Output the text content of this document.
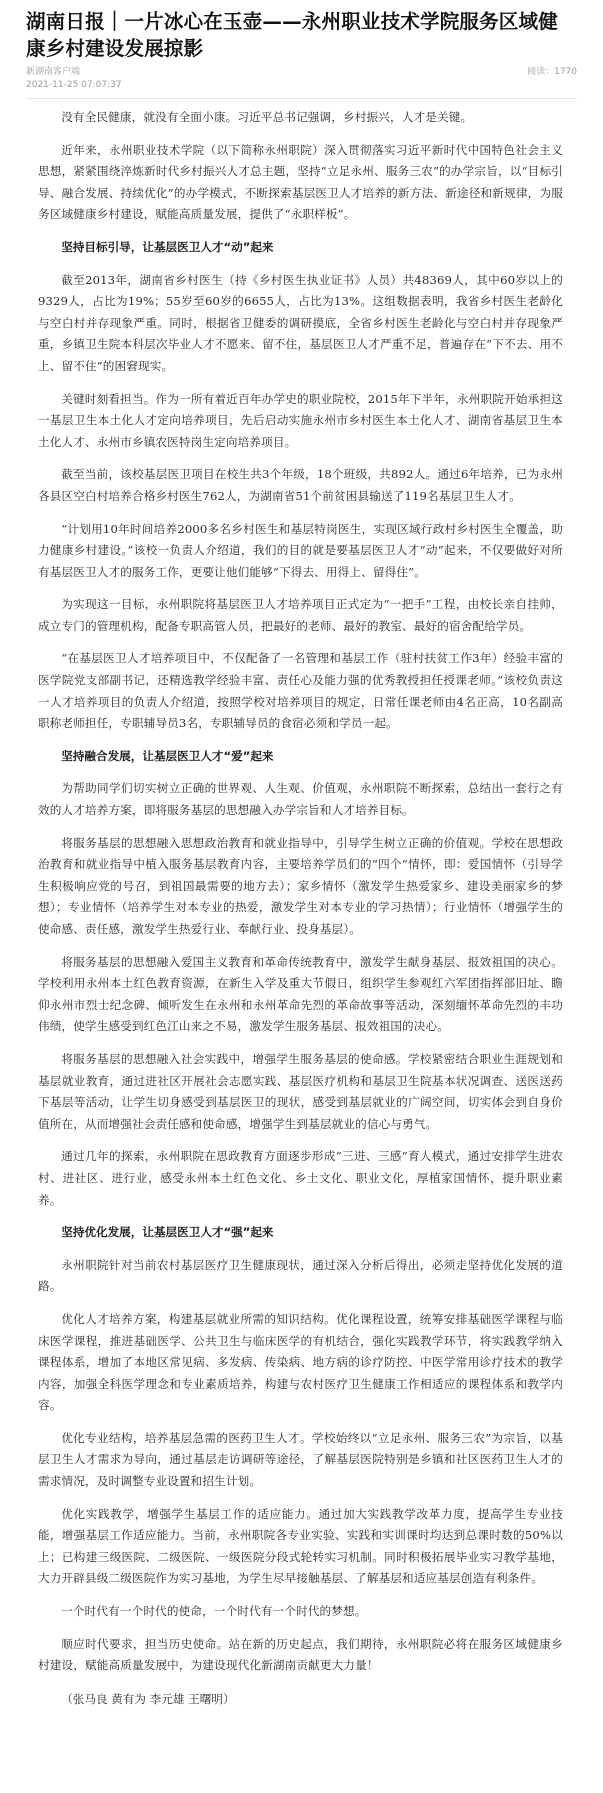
湖南日报｜一片冰心在玉壶——永州职业技术学院服务区域健康乡村建设发展掠影
新湖南客户端	阅读：1770
2021-11-25 07:07:37

没有全民健康，就没有全面小康。习近平总书记强调，乡村振兴，人才是关键。

近年来，永州职业技术学院（以下简称永州职院）深入贯彻落实习近平新时代中国特色社会主义思想，紧紧围绕淬炼新时代乡村振兴人才总主题，坚持“立足永州、服务三农”的办学宗旨，以“目标引导、融合发展、持续优化”的办学模式，不断探索基层医卫人才培养的新方法、新途径和新规律，为服务区域健康乡村建设，赋能高质量发展，提供了“永职样板”。

坚持目标引导，让基层医卫人才“动”起来

截至2013年，湖南省乡村医生（持《乡村医生执业证书》人员）共48369人，其中60岁以上的9329人，占比为19%；55岁至60岁的6655人，占比为13%。这组数据表明，我省乡村医生老龄化与空白村并存现象严重。同时，根据省卫健委的调研摸底，全省乡村医生老龄化与空白村并存现象严重，乡镇卫生院本科层次毕业人才不愿来、留不住，基层医卫人才严重不足，普遍存在“下不去、用不上、留不住”的困窘现实。

关键时刻看担当。作为一所有着近百年办学史的职业院校，2015年下半年，永州职院开始承担这一基层卫生本土化人才定向培养项目，先后启动实施永州市乡村医生本土化人才、湖南省基层卫生本土化人才、永州市乡镇农医特岗生定向培养项目。

截至当前，该校基层医卫项目在校生共3个年级，18个班级，共892人。通过6年培养，已为永州各县区空白村培养合格乡村医生762人，为湖南省51个前贫困县输送了119名基层卫生人才。

“计划用10年时间培养2000多名乡村医生和基层特岗医生，实现区域行政村乡村医生全覆盖，助力健康乡村建设。”该校一负责人介绍道，我们的目的就是要基层医卫人才“动”起来，不仅要做好对所有基层医卫人才的服务工作，更要让他们能够“下得去、用得上、留得住”。

为实现这一目标，永州职院将基层医卫人才培养项目正式定为“一把手”工程，由校长亲自挂帅，成立专门的管理机构，配备专职高管人员，把最好的老师、最好的教室、最好的宿舍配给学员。

“在基层医卫人才培养项目中，不仅配备了一名管理和基层工作（驻村扶贫工作3年）经验丰富的医学院党支部副书记，还精选教学经验丰富、责任心及能力强的优秀教授担任授课老师。”该校负责这一人才培养项目的负责人介绍道，按照学校对培养项目的规定，日常任课老师由4名正高，10名副高职称老师担任，专职辅导员3名，专职辅导员的食宿必须和学员一起。

坚持融合发展，让基层医卫人才“爱”起来

为帮助同学们切实树立正确的世界观、人生观、价值观，永州职院不断探索，总结出一套行之有效的人才培养方案，即将服务基层的思想融入办学宗旨和人才培养目标。

将服务基层的思想融入思想政治教育和就业指导中，引导学生树立正确的价值观。学校在思想政治教育和就业指导中植入服务基层教育内容，主要培养学员们的“四个”情怀，即：爱国情怀（引导学生积极响应党的号召，到祖国最需要的地方去）；家乡情怀（激发学生热爱家乡、建设美丽家乡的梦想）；专业情怀（培养学生对本专业的热爱，激发学生对本专业的学习热情）；行业情怀（增强学生的使命感、责任感，激发学生热爱行业、奉献行业、投身基层）。

将服务基层的思想融入爱国主义教育和革命传统教育中，激发学生献身基层、报效祖国的决心。学校利用永州本土红色教育资源，在新生入学及重大节假日，组织学生参观红六军团指挥部旧址、瞻仰永州市烈士纪念碑、倾听发生在永州和永州革命先烈的革命故事等活动，深刻缅怀革命先烈的丰功伟绩，使学生感受到红色江山来之不易，激发学生服务基层、报效祖国的决心。

将服务基层的思想融入社会实践中，增强学生服务基层的使命感。学校紧密结合职业生涯规划和基层就业教育，通过进社区开展社会志愿实践、基层医疗机构和基层卫生院基本状况调查、送医送药下基层等活动，让学生切身感受到基层医卫的现状，感受到基层就业的广阔空间，切实体会到自身价值所在，从而增强社会责任感和使命感，增强学生到基层就业的信心与勇气。

通过几年的探索，永州职院在思政教育方面逐步形成“三进、三感”育人模式，通过安排学生进农村、进社区、进行业，感受永州本土红色文化、乡土文化、职业文化，厚植家国情怀，提升职业素养。

坚持优化发展，让基层医卫人才“强”起来

永州职院针对当前农村基层医疗卫生健康现状，通过深入分析后得出，必须走坚持优化发展的道路。

优化人才培养方案，构建基层就业所需的知识结构。优化课程设置，统筹安排基础医学课程与临床医学课程，推进基础医学、公共卫生与临床医学的有机结合，强化实践教学环节，将实践教学纳入课程体系，增加了本地区常见病、多发病、传染病、地方病的诊疗防控、中医学常用诊疗技术的教学内容，加强全科医学理念和专业素质培养，构建与农村医疗卫生健康工作相适应的课程体系和教学内容。

优化专业结构，培养基层急需的医药卫生人才。学校始终以“立足永州、服务三农”为宗旨，以基层卫生人才需求为导向，通过基层走访调研等途径，了解基层医院特别是乡镇和社区医药卫生人才的需求情况，及时调整专业设置和招生计划。

优化实践教学，增强学生基层工作的适应能力。通过加大实践教学改革力度，提高学生专业技能，增强基层工作适应能力。当前，永州职院各专业实验、实践和实训课时均达到总课时数的50%以上；已构建三级医院、二级医院、一级医院分段式轮转实习机制。同时积极拓展毕业实习教学基地，大力开辟县级二级医院作为实习基地，为学生尽早接触基层、了解基层和适应基层创造有利条件。

一个时代有一个时代的使命，一个时代有一个时代的梦想。

顺应时代要求，担当历史使命。站在新的历史起点，我们期待，永州职院必将在服务区域健康乡村建设，赋能高质量发展中，为建设现代化新湖南贡献更大力量！

（张马良 黄有为 李元雄 王曙明）
